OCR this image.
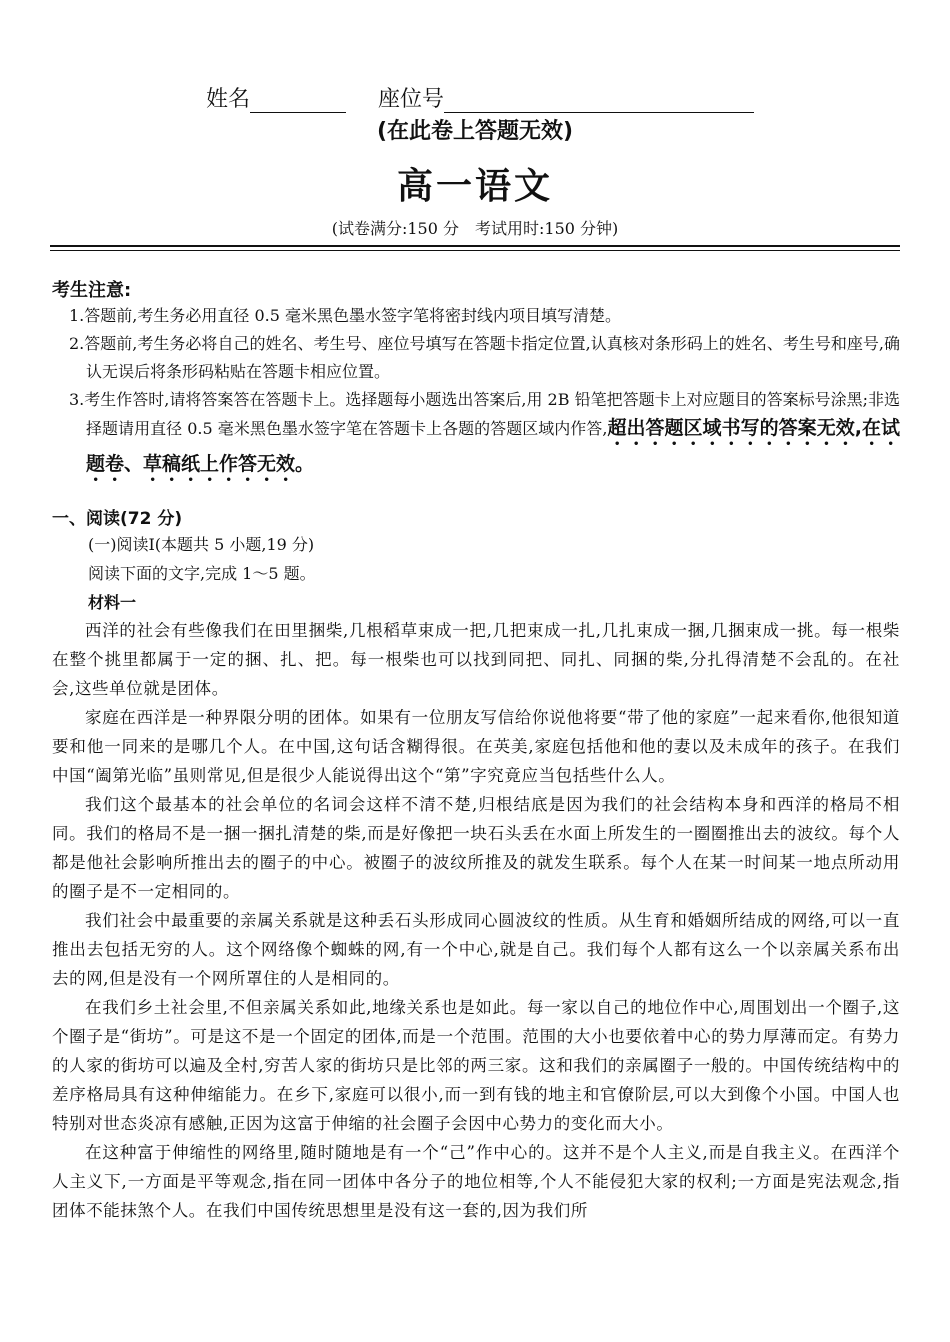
姓名	座位号
(在此卷上答题无效)
高一语文
(试卷满分:150 分　考试用时:150 分钟)
考生注意:
1.答题前,考生务必用直径 0.5 毫米黑色墨水签字笔将密封线内项目填写清楚。
2.答题前,考生务必将自己的姓名、考生号、座位号填写在答题卡指定位置,认真核对条形码上的姓名、考生号和座号,确认无误后将条形码粘贴在答题卡相应位置。
3.考生作答时,请将答案答在答题卡上。选择题每小题选出答案后,用 2B 铅笔把答题卡上对应题目的答案标号涂黑;非选择题请用直径 0.5 毫米黑色墨水签字笔在答题卡上各题的答题区域内作答,超出答题区域书写的答案无效,在试题卷、草稿纸上作答无效。
一、阅读(72 分)
(一)阅读Ⅰ(本题共 5 小题,19 分)
阅读下面的文字,完成 1～5 题。
材料一

西洋的社会有些像我们在田里捆柴,几根稻草束成一把,几把束成一扎,几扎束成一捆,几捆束成一挑。每一根柴在整个挑里都属于一定的捆、扎、把。每一根柴也可以找到同把、同扎、同捆的柴,分扎得清楚不会乱的。在社会,这些单位就是团体。

家庭在西洋是一种界限分明的团体。如果有一位朋友写信给你说他将要“带了他的家庭”一起来看你,他很知道要和他一同来的是哪几个人。在中国,这句话含糊得很。在英美,家庭包括他和他的妻以及未成年的孩子。在我们中国“阖第光临”虽则常见,但是很少人能说得出这个“第”字究竟应当包括些什么人。

我们这个最基本的社会单位的名词会这样不清不楚,归根结底是因为我们的社会结构本身和西洋的格局不相同。我们的格局不是一捆一捆扎清楚的柴,而是好像把一块石头丢在水面上所发生的一圈圈推出去的波纹。每个人都是他社会影响所推出去的圈子的中心。被圈子的波纹所推及的就发生联系。每个人在某一时间某一地点所动用的圈子是不一定相同的。

我们社会中最重要的亲属关系就是这种丢石头形成同心圆波纹的性质。从生育和婚姻所结成的网络,可以一直推出去包括无穷的人。这个网络像个蜘蛛的网,有一个中心,就是自己。我们每个人都有这么一个以亲属关系布出去的网,但是没有一个网所罩住的人是相同的。

在我们乡土社会里,不但亲属关系如此,地缘关系也是如此。每一家以自己的地位作中心,周围划出一个圈子,这个圈子是“街坊”。可是这不是一个固定的团体,而是一个范围。范围的大小也要依着中心的势力厚薄而定。有势力的人家的街坊可以遍及全村,穷苦人家的街坊只是比邻的两三家。这和我们的亲属圈子一般的。中国传统结构中的差序格局具有这种伸缩能力。在乡下,家庭可以很小,而一到有钱的地主和官僚阶层,可以大到像个小国。中国人也特别对世态炎凉有感触,正因为这富于伸缩的社会圈子会因中心势力的变化而大小。

在这种富于伸缩性的网络里,随时随地是有一个“己”作中心的。这并不是个人主义,而是自我主义。在西洋个人主义下,一方面是平等观念,指在同一团体中各分子的地位相等,个人不能侵犯大家的权利;一方面是宪法观念,指团体不能抹煞个人。在我们中国传统思想里是没有这一套的,因为我们所
